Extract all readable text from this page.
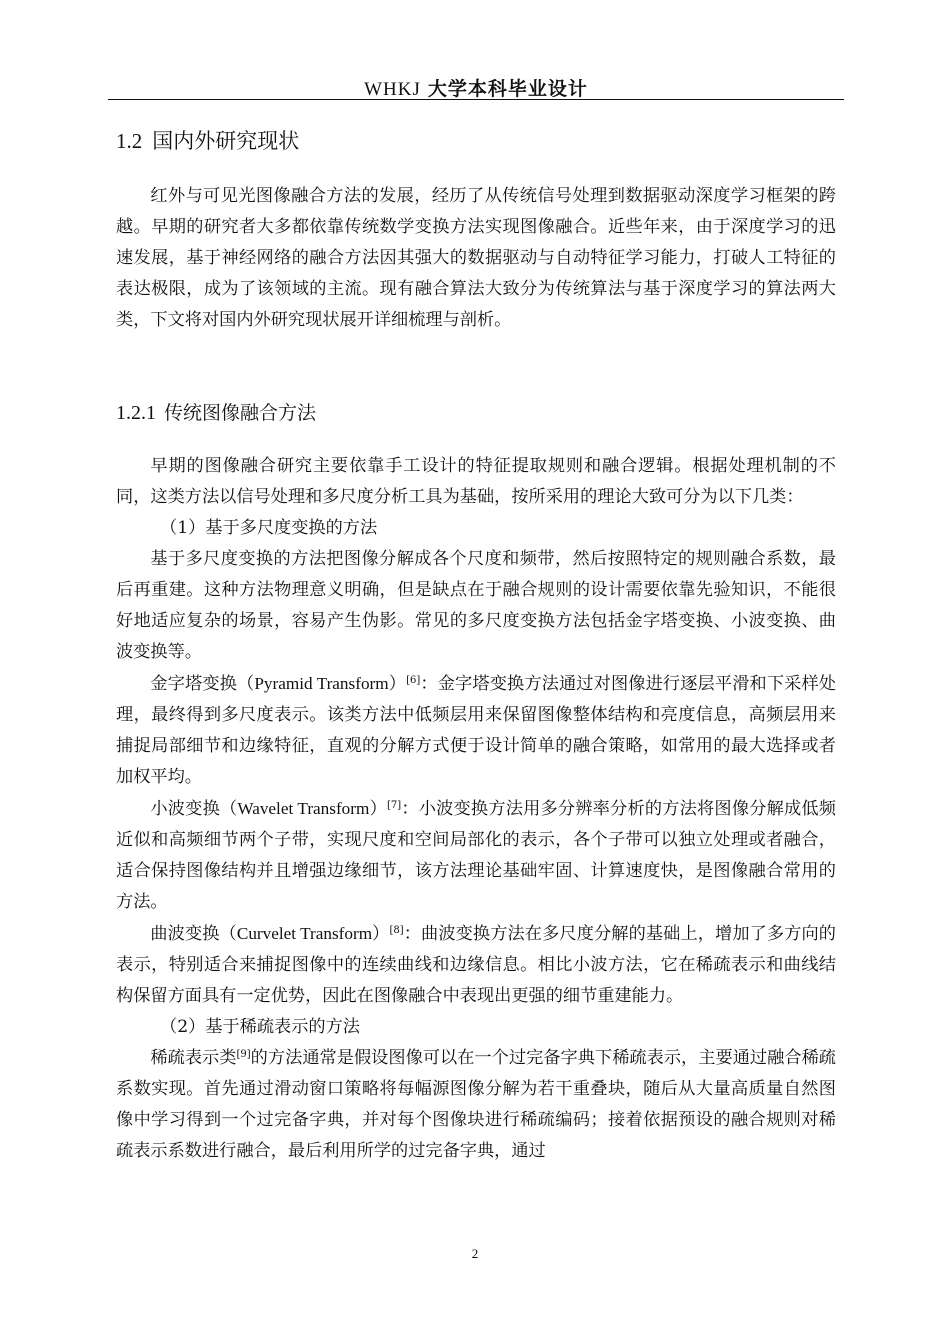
WHKJ 大学本科毕业设计
1.2 国内外研究现状

红外与可见光图像融合方法的发展，经历了从传统信号处理到数据驱动深度学习框架的跨越。早期的研究者大多都依靠传统数学变换方法实现图像融合。近些年来，由于深度学习的迅速发展，基于神经网络的融合方法因其强大的数据驱动与自动特征学习能力，打破人工特征的表达极限，成为了该领域的主流。现有融合算法大致分为传统算法与基于深度学习的算法两大类，下文将对国内外研究现状展开详细梳理与剖析。

1.2.1 传统图像融合方法

早期的图像融合研究主要依靠手工设计的特征提取规则和融合逻辑。根据处理机制的不同，这类方法以信号处理和多尺度分析工具为基础，按所采用的理论大致可分为以下几类：

（1）基于多尺度变换的方法

基于多尺度变换的方法把图像分解成各个尺度和频带，然后按照特定的规则融合系数，最后再重建。这种方法物理意义明确，但是缺点在于融合规则的设计需要依靠先验知识，不能很好地适应复杂的场景，容易产生伪影。常见的多尺度变换方法包括金字塔变换、小波变换、曲波变换等。

金字塔变换（Pyramid Transform）[6]：金字塔变换方法通过对图像进行逐层平滑和下采样处理，最终得到多尺度表示。该类方法中低频层用来保留图像整体结构和亮度信息，高频层用来捕捉局部细节和边缘特征，直观的分解方式便于设计简单的融合策略，如常用的最大选择或者加权平均。

小波变换（Wavelet Transform）[7]：小波变换方法用多分辨率分析的方法将图像分解成低频近似和高频细节两个子带，实现尺度和空间局部化的表示，各个子带可以独立处理或者融合，适合保持图像结构并且增强边缘细节，该方法理论基础牢固、计算速度快，是图像融合常用的方法。

曲波变换（Curvelet Transform）[8]：曲波变换方法在多尺度分解的基础上，增加了多方向的表示，特别适合来捕捉图像中的连续曲线和边缘信息。相比小波方法，它在稀疏表示和曲线结构保留方面具有一定优势，因此在图像融合中表现出更强的细节重建能力。

（2）基于稀疏表示的方法

稀疏表示类[9]的方法通常是假设图像可以在一个过完备字典下稀疏表示，主要通过融合稀疏系数实现。首先通过滑动窗口策略将每幅源图像分解为若干重叠块，随后从大量高质量自然图像中学习得到一个过完备字典，并对每个图像块进行稀疏编码；接着依据预设的融合规则对稀疏表示系数进行融合，最后利用所学的过完备字典，通过

2
